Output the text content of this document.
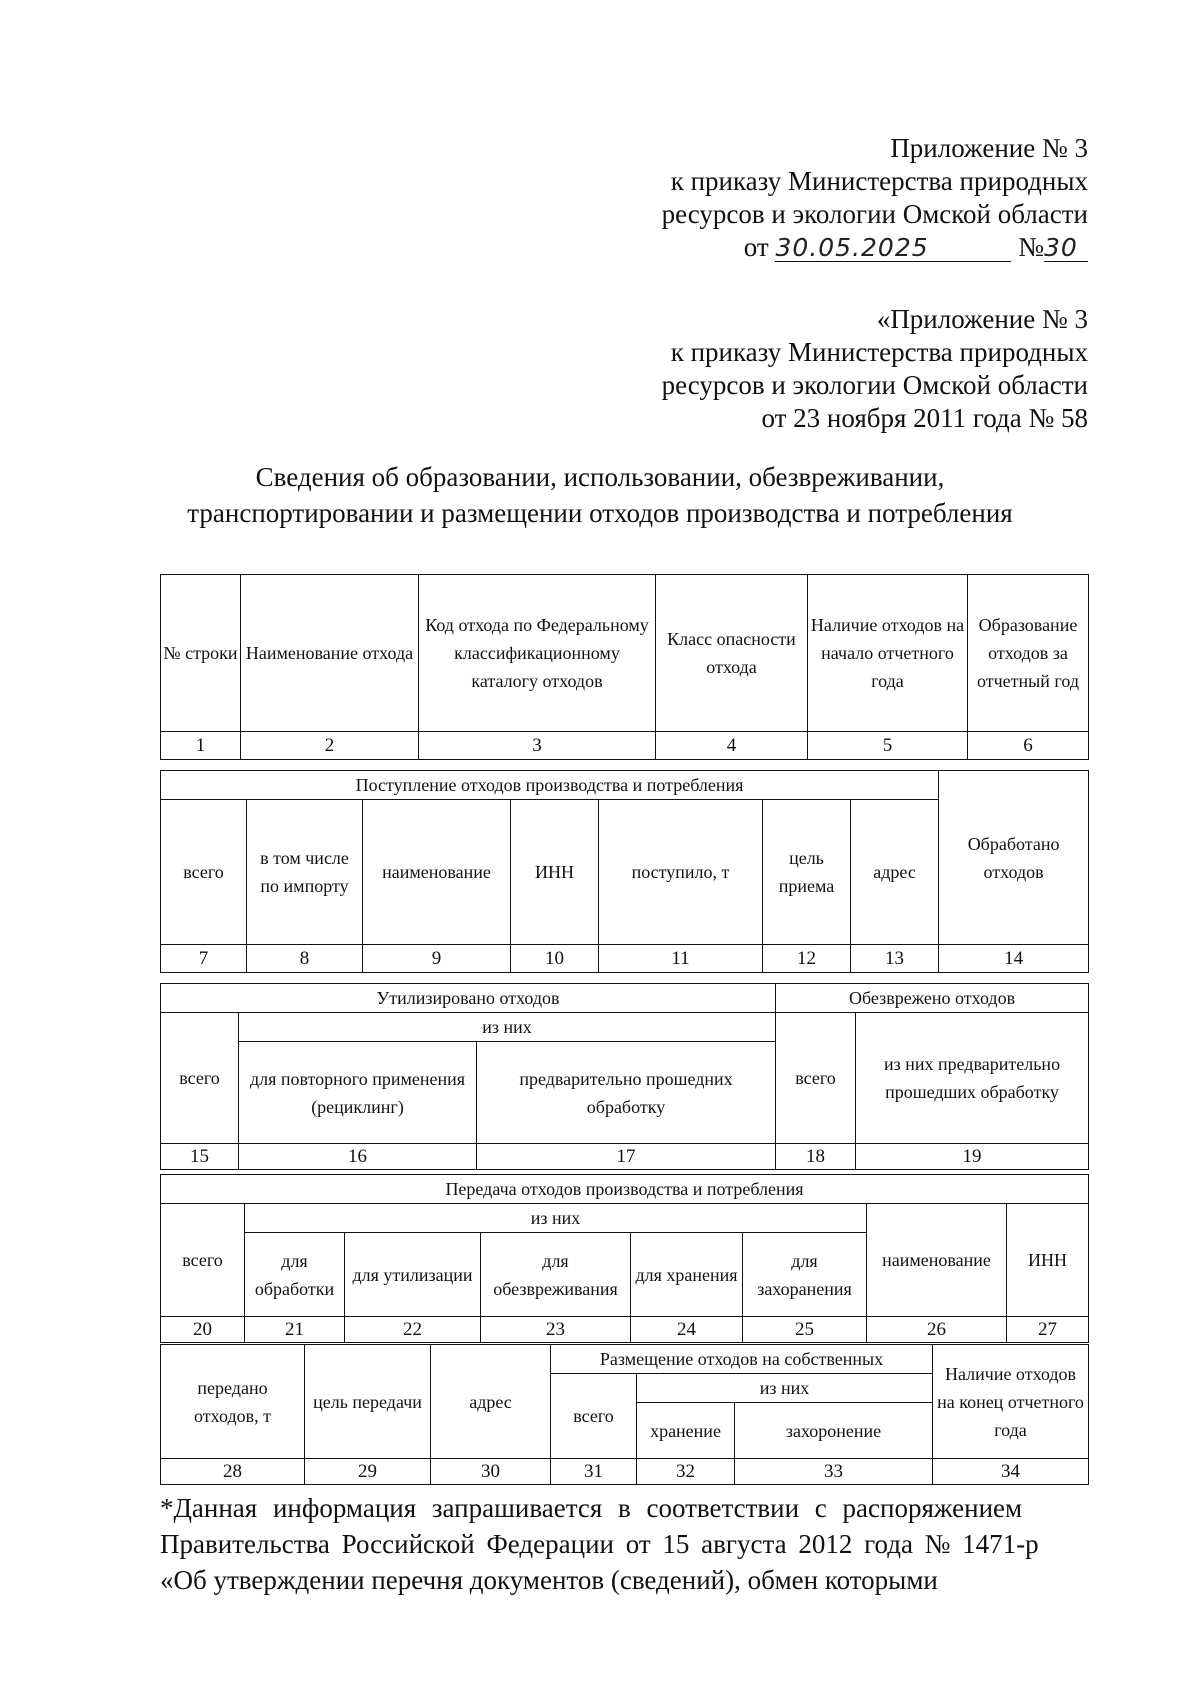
Приложение № 3
к приказу Министерства природных
ресурсов и экологии Омской области
от 30.05.2025	№30
«Приложение № 3
к приказу Министерства природных
ресурсов и экологии Омской области
от 23 ноября 2011 года № 58
Сведения об образовании, использовании, обезвреживании,
транспортировании и размещении отходов производства и потребления
№ строки	Наименование отхода	Код отхода по Федеральному классификационному каталогу отходов	Класс опасности отхода	Наличие отходов на начало отчетного года	Образование отходов за отчетный год
1	2	3	4	5	6
Поступление отходов производства и потребления							Обработано отходов
всего	в том числе по импорту	наименование	ИНН	поступило, т	цель приема	адрес	
7	8	9	10	11	12	13	14
Утилизировано отходов			Обезврежено отходов	
всего	из них		всего	из них предварительно прошедших обработку
	для повторного применения (рециклинг)	предварительно прошедних обработку		
15	16	17	18	19
Передача отходов производства и потребления							
всего	из них					наименование	ИНН
	для обработки	для утилизации	для обезвреживания	для хранения	для захоранения		
20	21	22	23	24	25	26	27
передано отходов, т	цель передачи	адрес	Размещение отходов на собственных			Наличие отходов на конец отчетного года
			всего	из них		
				хранение	захоронение	
28	29	30	31	32	33	34
*Данная информация запрашивается в соответствии с распоряжением
Правительства Российской Федерации от 15 августа 2012 года № 1471-р
«Об утверждении перечня документов (сведений), обмен которыми
